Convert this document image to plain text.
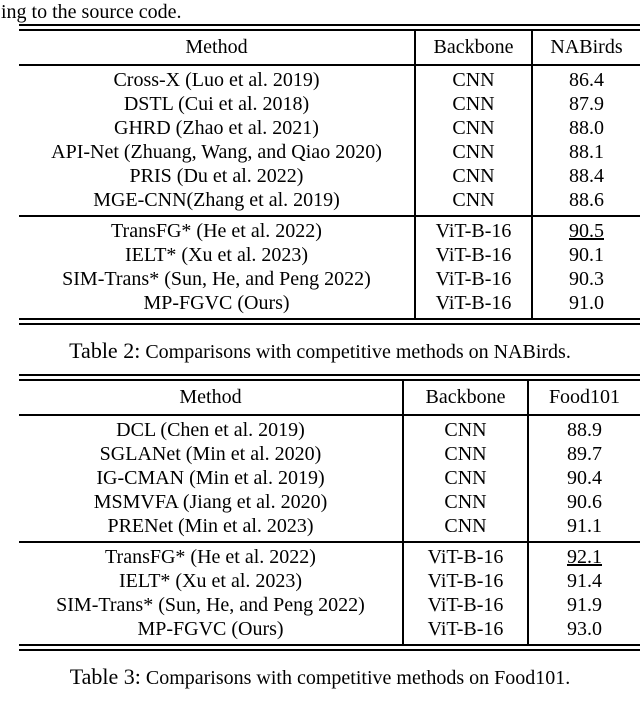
ing to the source code.
Method	Backbone	NABirds
Cross-X (Luo et al. 2019)	CNN	86.4
DSTL (Cui et al. 2018)	CNN	87.9
GHRD (Zhao et al. 2021)	CNN	88.0
API-Net (Zhuang, Wang, and Qiao 2020)	CNN	88.1
PRIS (Du et al. 2022)	CNN	88.4
MGE-CNN(Zhang et al. 2019)	CNN	88.6
TransFG* (He et al. 2022)	ViT-B-16	90.5
IELT* (Xu et al. 2023)	ViT-B-16	90.1
SIM-Trans* (Sun, He, and Peng 2022)	ViT-B-16	90.3
MP-FGVC (Ours)	ViT-B-16	91.0
Table 2: Comparisons with competitive methods on NABirds.
Method	Backbone	Food101
DCL (Chen et al. 2019)	CNN	88.9
SGLANet (Min et al. 2020)	CNN	89.7
IG-CMAN (Min et al. 2019)	CNN	90.4
MSMVFA (Jiang et al. 2020)	CNN	90.6
PRENet (Min et al. 2023)	CNN	91.1
TransFG* (He et al. 2022)	ViT-B-16	92.1
IELT* (Xu et al. 2023)	ViT-B-16	91.4
SIM-Trans* (Sun, He, and Peng 2022)	ViT-B-16	91.9
MP-FGVC (Ours)	ViT-B-16	93.0
Table 3: Comparisons with competitive methods on Food101.
